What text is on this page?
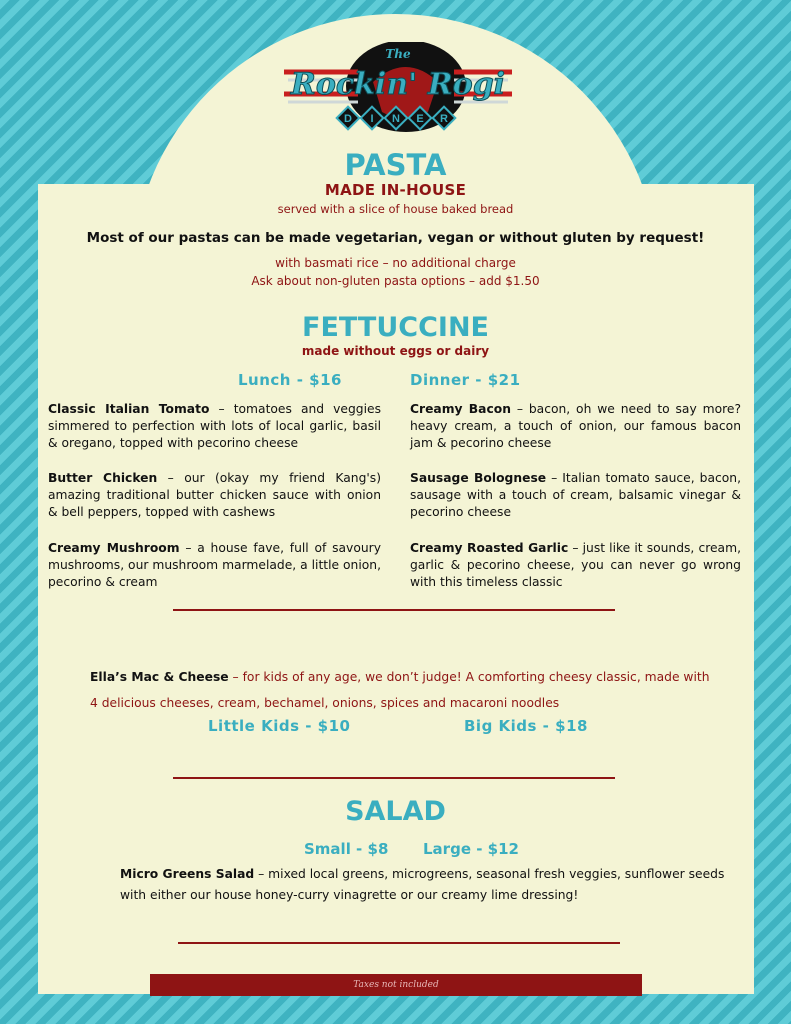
D I N E R
The
Rockin' Rogi
PASTA
MADE IN-HOUSE
served with a slice of house baked bread
Most of our pastas can be made vegetarian, vegan or without gluten by request!
with basmati rice – no additional charge
Ask about non-gluten pasta options – add $1.50
FETTUCCINE
made without eggs or dairy
Lunch - $16	Dinner - $21
Classic Italian Tomato – tomatoes and veggies simmered to perfection with lots of local garlic, basil & oregano, topped with pecorino cheese
Butter Chicken – our (okay my friend Kang's) amazing traditional butter chicken sauce with onion & bell peppers, topped with cashews
Creamy Mushroom – a house fave, full of savoury mushrooms, our mushroom marmelade, a little onion, pecorino & cream
Creamy Bacon – bacon, oh we need to say more? heavy cream, a touch of onion, our famous bacon jam & pecorino cheese
Sausage Bolognese – Italian tomato sauce, bacon, sausage with a touch of cream, balsamic vinegar & pecorino cheese
Creamy Roasted Garlic – just like it sounds, cream, garlic & pecorino cheese, you can never go wrong with this timeless classic
Ella’s Mac & Cheese – for kids of any age, we don’t judge! A comforting cheesy classic, made with 4 delicious cheeses, cream, bechamel, onions, spices and macaroni noodles
Little Kids - $10	Big Kids - $18
SALAD
Small - $8 Large - $12
Micro Greens Salad – mixed local greens, microgreens, seasonal fresh veggies, sunflower seeds with either our house honey-curry vinagrette or our creamy lime dressing!
Taxes not included
